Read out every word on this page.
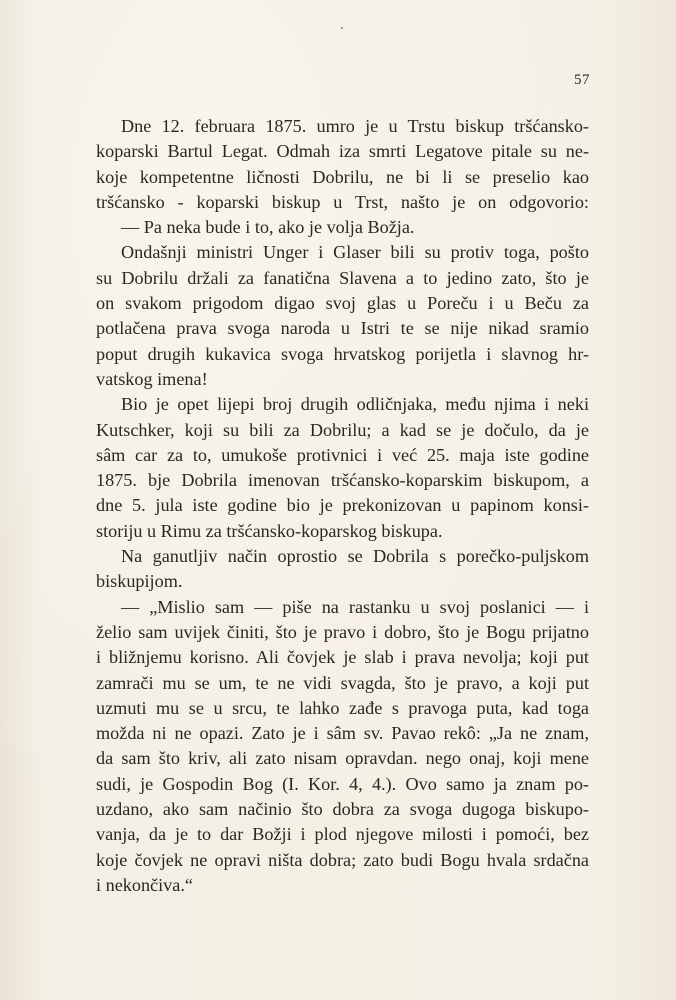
57

Dne 12. februara 1875. umro je u Trstu biskup tršćansko-
koparski Bartul Legat. Odmah iza smrti Legatove pitale su ne-
koje kompetentne ličnosti Dobrilu, ne bi li se preselio kao
tršćansko - koparski biskup u Trst, našto je on odgovorio:
— Pa neka bude i to, ako je volja Božja.

Ondašnji ministri Unger i Glaser bili su protiv toga, pošto
su Dobrilu držali za fanatična Slavena a to jedino zato, što je
on svakom prigodom digao svoj glas u Poreču i u Beču za
potlačena prava svoga naroda u Istri te se nije nikad sramio
poput drugih kukavica svoga hrvatskog porijetla i slavnog hr-
vatskog imena!

Bio je opet lijepi broj drugih odličnjaka, među njima i neki
Kutschker, koji su bili za Dobrilu; a kad se je dočulo, da je
sâm car za to, umukoše protivnici i već 25. maja iste godine
1875. bje Dobrila imenovan tršćansko-koparskim biskupom, a
dne 5. jula iste godine bio je prekonizovan u papinom konsi-
storiju u Rimu za tršćansko-koparskog biskupa.

Na ganutljiv način oprostio se Dobrila s porečko-puljskom
biskupijom.

— „Mislio sam — piše na rastanku u svoj poslanici — i
želio sam uvijek činiti, što je pravo i dobro, što je Bogu prijatno
i bližnjemu korisno. Ali čovjek je slab i prava nevolja; koji put
zamrači mu se um, te ne vidi svagda, što je pravo, a koji put
uzmuti mu se u srcu, te lahko zađe s pravoga puta, kad toga
možda ni ne opazi. Zato je i sâm sv. Pavao rekô: „Ja ne znam,
da sam što kriv, ali zato nisam opravdan. nego onaj, koji mene
sudi, je Gospodin Bog (I. Kor. 4, 4.). Ovo samo ja znam po-
uzdano, ako sam načinio što dobra za svoga dugoga biskupo-
vanja, da je to dar Božji i plod njegove milosti i pomoći, bez
koje čovjek ne opravi ništa dobra; zato budi Bogu hvala srdačna
i nekončiva.“
